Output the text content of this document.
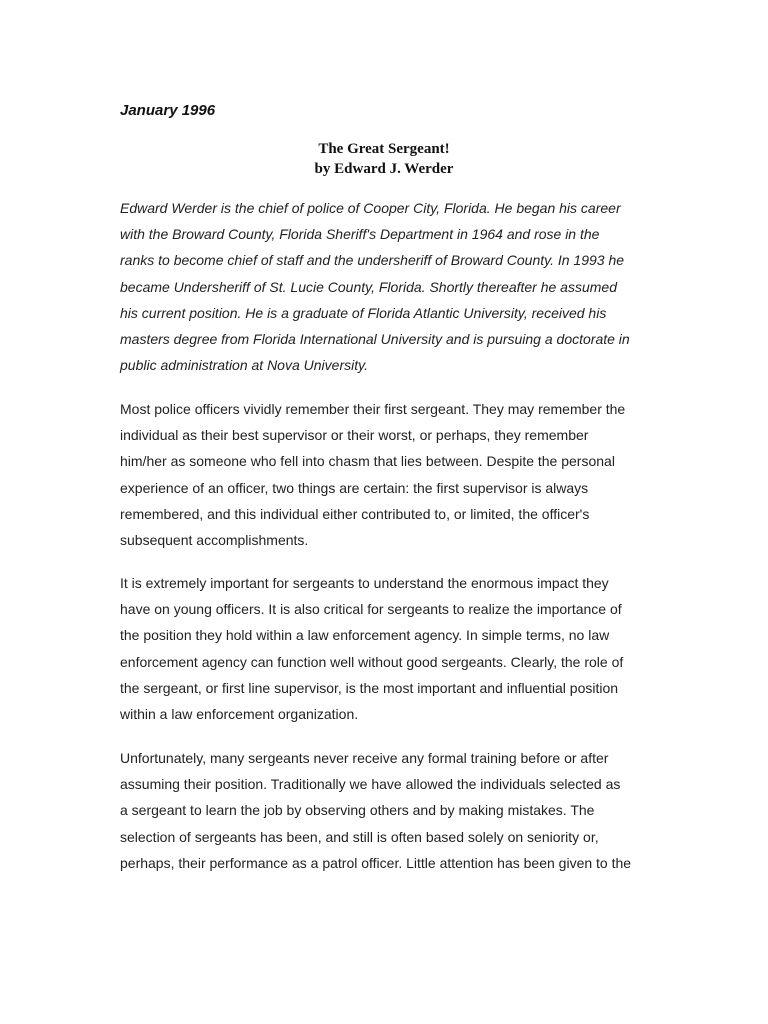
January 1996
The Great Sergeant!
by Edward J. Werder

Edward Werder is the chief of police of Cooper City, Florida. He began his career
with the Broward County, Florida Sheriff's Department in 1964 and rose in the
ranks to become chief of staff and the undersheriff of Broward County. In 1993 he
became Undersheriff of St. Lucie County, Florida. Shortly thereafter he assumed
his current position. He is a graduate of Florida Atlantic University, received his
masters degree from Florida International University and is pursuing a doctorate in
public administration at Nova University.

Most police officers vividly remember their first sergeant. They may remember the
individual as their best supervisor or their worst, or perhaps, they remember
him/her as someone who fell into chasm that lies between. Despite the personal
experience of an officer, two things are certain: the first supervisor is always
remembered, and this individual either contributed to, or limited, the officer's
subsequent accomplishments.

It is extremely important for sergeants to understand the enormous impact they
have on young officers. It is also critical for sergeants to realize the importance of
the position they hold within a law enforcement agency. In simple terms, no law
enforcement agency can function well without good sergeants. Clearly, the role of
the sergeant, or first line supervisor, is the most important and influential position
within a law enforcement organization.

Unfortunately, many sergeants never receive any formal training before or after
assuming their position. Traditionally we have allowed the individuals selected as
a sergeant to learn the job by observing others and by making mistakes. The
selection of sergeants has been, and still is often based solely on seniority or,
perhaps, their performance as a patrol officer. Little attention has been given to the
